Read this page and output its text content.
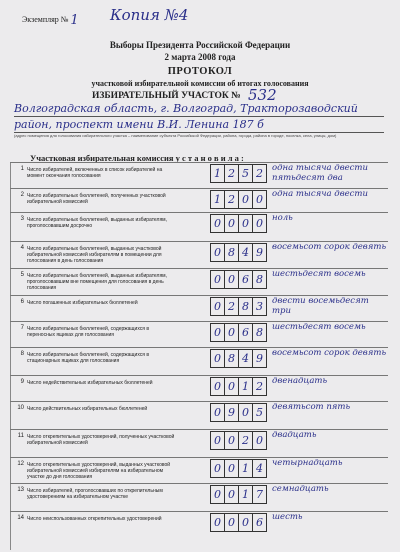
Экземпляр № 1 Копия №4
Выборы Президента Российской Федерации
2 марта 2008 года
ПРОТОКОЛ
участковой избирательной комиссии об итогах голосования
ИЗБИРАТЕЛЬНЫЙ УЧАСТОК № 532
Волгоградская область, г. Волгоград, Тракторозаводский
район, проспект имени В.И. Ленина 187 б
(адрес помещения для голосования избирательного участка – наименование субъекта Российской Федерации, района, города, района в городе, поселка, села, улицы, дом)
Участковая избирательная комиссия у с т а н о в и л а :
1 Число избирателей, включенных в список избирателей на момент окончания голосования	1 2 5 2	одна тысяча двести пятьдесят два
2 Число избирательных бюллетеней, полученных участковой избирательной комиссией	1 2 0 0	одна тысяча двести
3 Число избирательных бюллетеней, выданных избирателям, проголосовавшим досрочно	0 0 0 0	ноль
4 Число избирательных бюллетеней, выданных участковой избирательной комиссией избирателям в помещении для голосования в день голосования
0 8 4 9	восемьсот сорок девять
5 Число избирательных бюллетеней, выданных избирателям, проголосовавшим вне помещения для голосования в день голосования
0 0 6 8	шестьдесят восемь
6 Число погашенных избирательных бюллетеней	0 2 8 3	двести восемьдесят три
7 Число избирательных бюллетеней, содержащихся в переносных ящиках для голосования	0 0 6 8	шестьдесят восемь
8 Число избирательных бюллетеней, содержащихся в стационарных ящиках для голосования	0 8 4 9	восемьсот сорок девять
9 Число недействительных избирательных бюллетеней	0 0 1 2	двенадцать
10 Число действительных избирательных бюллетеней	0 9 0 5	девятьсот пять
11 Число открепительных удостоверений, полученных участковой избирательной комиссией	0 0 2 0	двадцать
12 Число открепительных удостоверений, выданных участковой избирательной комиссией избирателям на избирательном участке до дня голосования
0 0 1 4	четырнадцать
13 Число избирателей, проголосовавших по открепительным удостоверениям на избирательном участке	0 0 1 7	семнадцать
14 Число неиспользованных открепительных удостоверений	0 0 0 6	шесть
